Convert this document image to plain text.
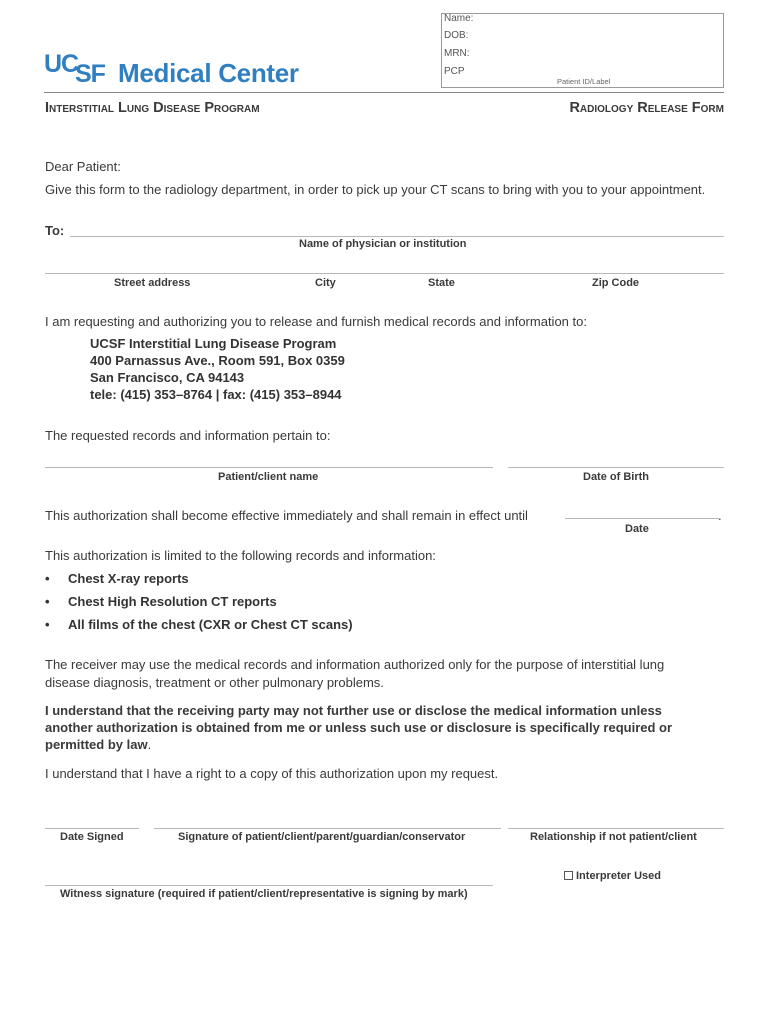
Name:
DOB:
MRN:
PCP
Patient ID/Label
UC
SF Medical Center
Interstitial Lung Disease Program	Radiology Release Form
Dear Patient:
Give this form to the radiology department, in order to pick up your CT scans to bring with you to your appointment.
To:
Name of physician or institution
Street address	City	State	Zip Code
I am requesting and authorizing you to release and furnish medical records and information to:
UCSF Interstitial Lung Disease Program
400 Parnassus Ave., Room 591, Box 0359
San Francisco, CA 94143
tele: (415) 353–8764 | fax: (415) 353–8944
The requested records and information pertain to:
Patient/client name	Date of Birth
This authorization shall become effective immediately and shall remain in effect until	.
Date
This authorization is limited to the following records and information:
• Chest X-ray reports
• Chest High Resolution CT reports
• All films of the chest (CXR or Chest CT scans)
The receiver may use the medical records and information authorized only for the purpose of interstitial lung
disease diagnosis, treatment or other pulmonary problems.
I understand that the receiving party may not further use or disclose the medical information unless
another authorization is obtained from me or unless such use or disclosure is specifically required or
permitted by law.
I understand that I have a right to a copy of this authorization upon my request.
Date Signed	Signature of patient/client/parent/guardian/conservator	Relationship if not patient/client
Interpreter Used
Witness signature (required if patient/client/representative is signing by mark)
